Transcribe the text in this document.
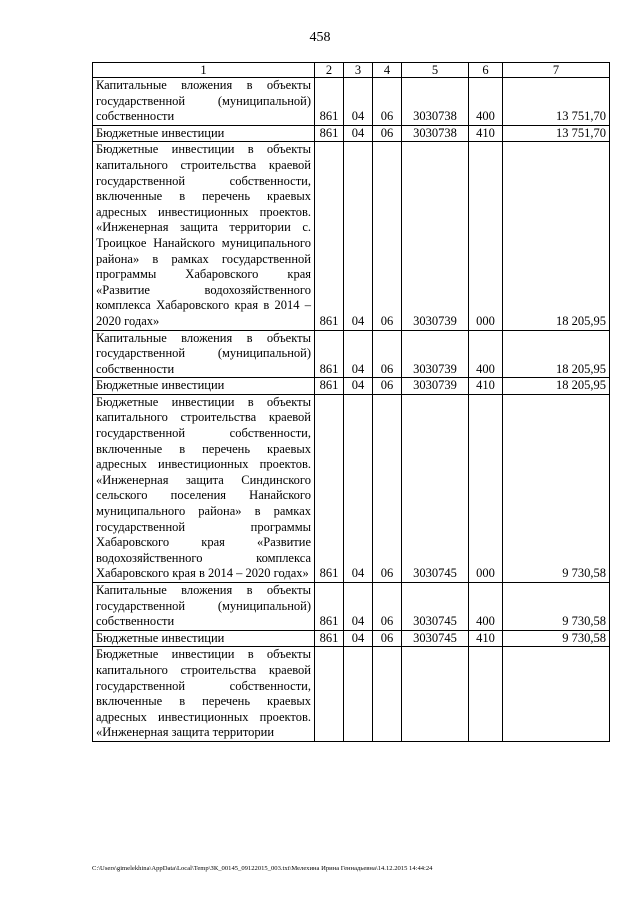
458
1	2	3	4	5	6	7
Капитальные вложения в объекты государственной (муниципальной) собственности	861	04	06	3030738	400	13 751,70
Бюджетные инвестиции	861	04	06	3030738	410	13 751,70
Бюджетные инвестиции в объекты капитального строительства краевой государственной собственности, включенные в перечень краевых адресных инвестиционных проектов. «Инженерная защита территории с. Троицкое Нанайского муниципального района» в рамках государственной программы Хабаровского края «Развитие водохозяйственного комплекса Хабаровского края в 2014 – 2020 годах»	861	04	06	3030739	000	18 205,95
Капитальные вложения в объекты государственной (муниципальной) собственности	861	04	06	3030739	400	18 205,95
Бюджетные инвестиции	861	04	06	3030739	410	18 205,95
Бюджетные инвестиции в объекты капитального строительства краевой государственной собственности, включенные в перечень краевых адресных инвестиционных проектов. «Инженерная защита Синдинского сельского поселения Нанайского муниципального района» в рамках государственной программы Хабаровского края «Развитие водохозяйственного комплекса Хабаровского края в 2014 – 2020 годах»	861	04	06	3030745	000	9 730,58
Капитальные вложения в объекты государственной (муниципальной) собственности	861	04	06	3030745	400	9 730,58
Бюджетные инвестиции	861	04	06	3030745	410	9 730,58
Бюджетные инвестиции в объекты капитального строительства краевой государственной собственности, включенные в перечень краевых адресных инвестиционных проектов. «Инженерная защита территории						
C:\Users\gimelekhina\AppData\Local\Temp\ЗК_00145_09122015_003.txt\Мелехина Ирина Геннадьевна\14.12.2015 14:44:24
